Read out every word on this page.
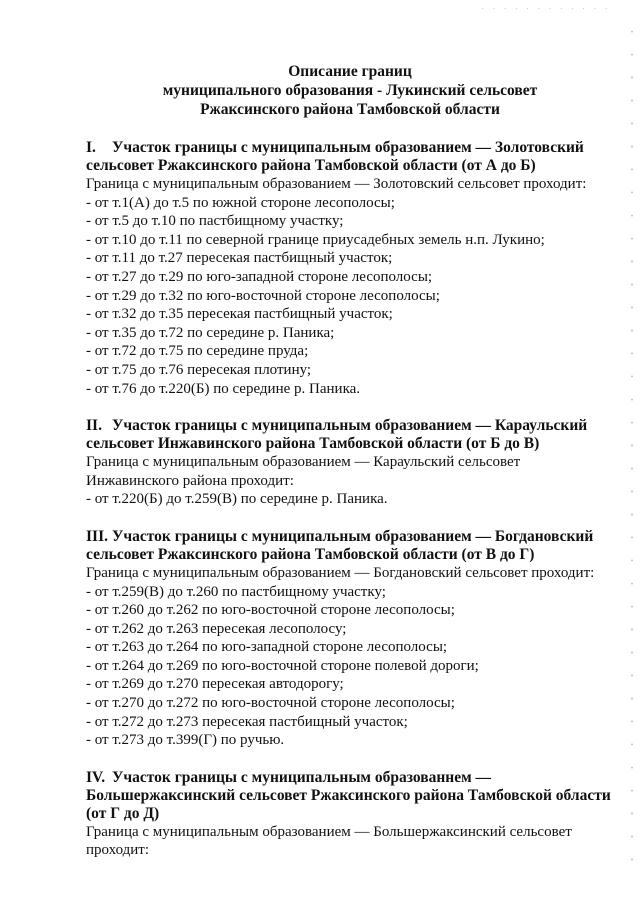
. . . . . . . . . . . .
Описание границ
муниципального образования - Лукинский сельсовет
Ржаксинского района Тамбовской области
I. Участок границы с муниципальным образованием — Золотовский
сельсовет Ржаксинского района Тамбовской области (от А до Б)
Граница с муниципальным образованием — Золотовский сельсовет проходит:
- от т.1(А) до т.5 по южной стороне лесополосы;
- от т.5 до т.10 по пастбищному участку;
- от т.10 до т.11 по северной границе приусадебных земель н.п. Лукино;
- от т.11 до т.27 пересекая пастбищный участок;
- от т.27 до т.29 по юго-западной стороне лесополосы;
- от т.29 до т.32 по юго-восточной стороне лесополосы;
- от т.32 до т.35 пересекая пастбищный участок;
- от т.35 до т.72 по середине р. Паника;
- от т.72 до т.75 по середине пруда;
- от т.75 до т.76 пересекая плотину;
- от т.76 до т.220(Б) по середине р. Паника.
II. Участок границы с муниципальным образованием — Караульский
сельсовет Инжавинского района Тамбовской области (от Б до В)
Граница с муниципальным образованием — Караульский сельсовет
Инжавинского района проходит:
- от т.220(Б) до т.259(В) по середине р. Паника.
III. Участок границы с муниципальным образованием — Богдановский
сельсовет Ржаксинского района Тамбовской области (от В до Г)
Граница с муниципальным образованием — Богдановский сельсовет проходит:
- от т.259(В) до т.260 по пастбищному участку;
- от т.260 до т.262 по юго-восточной стороне лесополосы;
- от т.262 до т.263 пересекая лесополосу;
- от т.263 до т.264 по юго-западной стороне лесополосы;
- от т.264 до т.269 по юго-восточной стороне полевой дороги;
- от т.269 до т.270 пересекая автодорогу;
- от т.270 до т.272 по юго-восточной стороне лесополосы;
- от т.272 до т.273 пересекая пастбищный участок;
- от т.273 до т.399(Г) по ручью.
IV. Участок границы с муниципальным образованнем —
Большержаксинский сельсовет Ржаксинского района Тамбовской области
(от Г до Д)
Граница с муниципальным образованием — Большержаксинский сельсовет
проходит:
